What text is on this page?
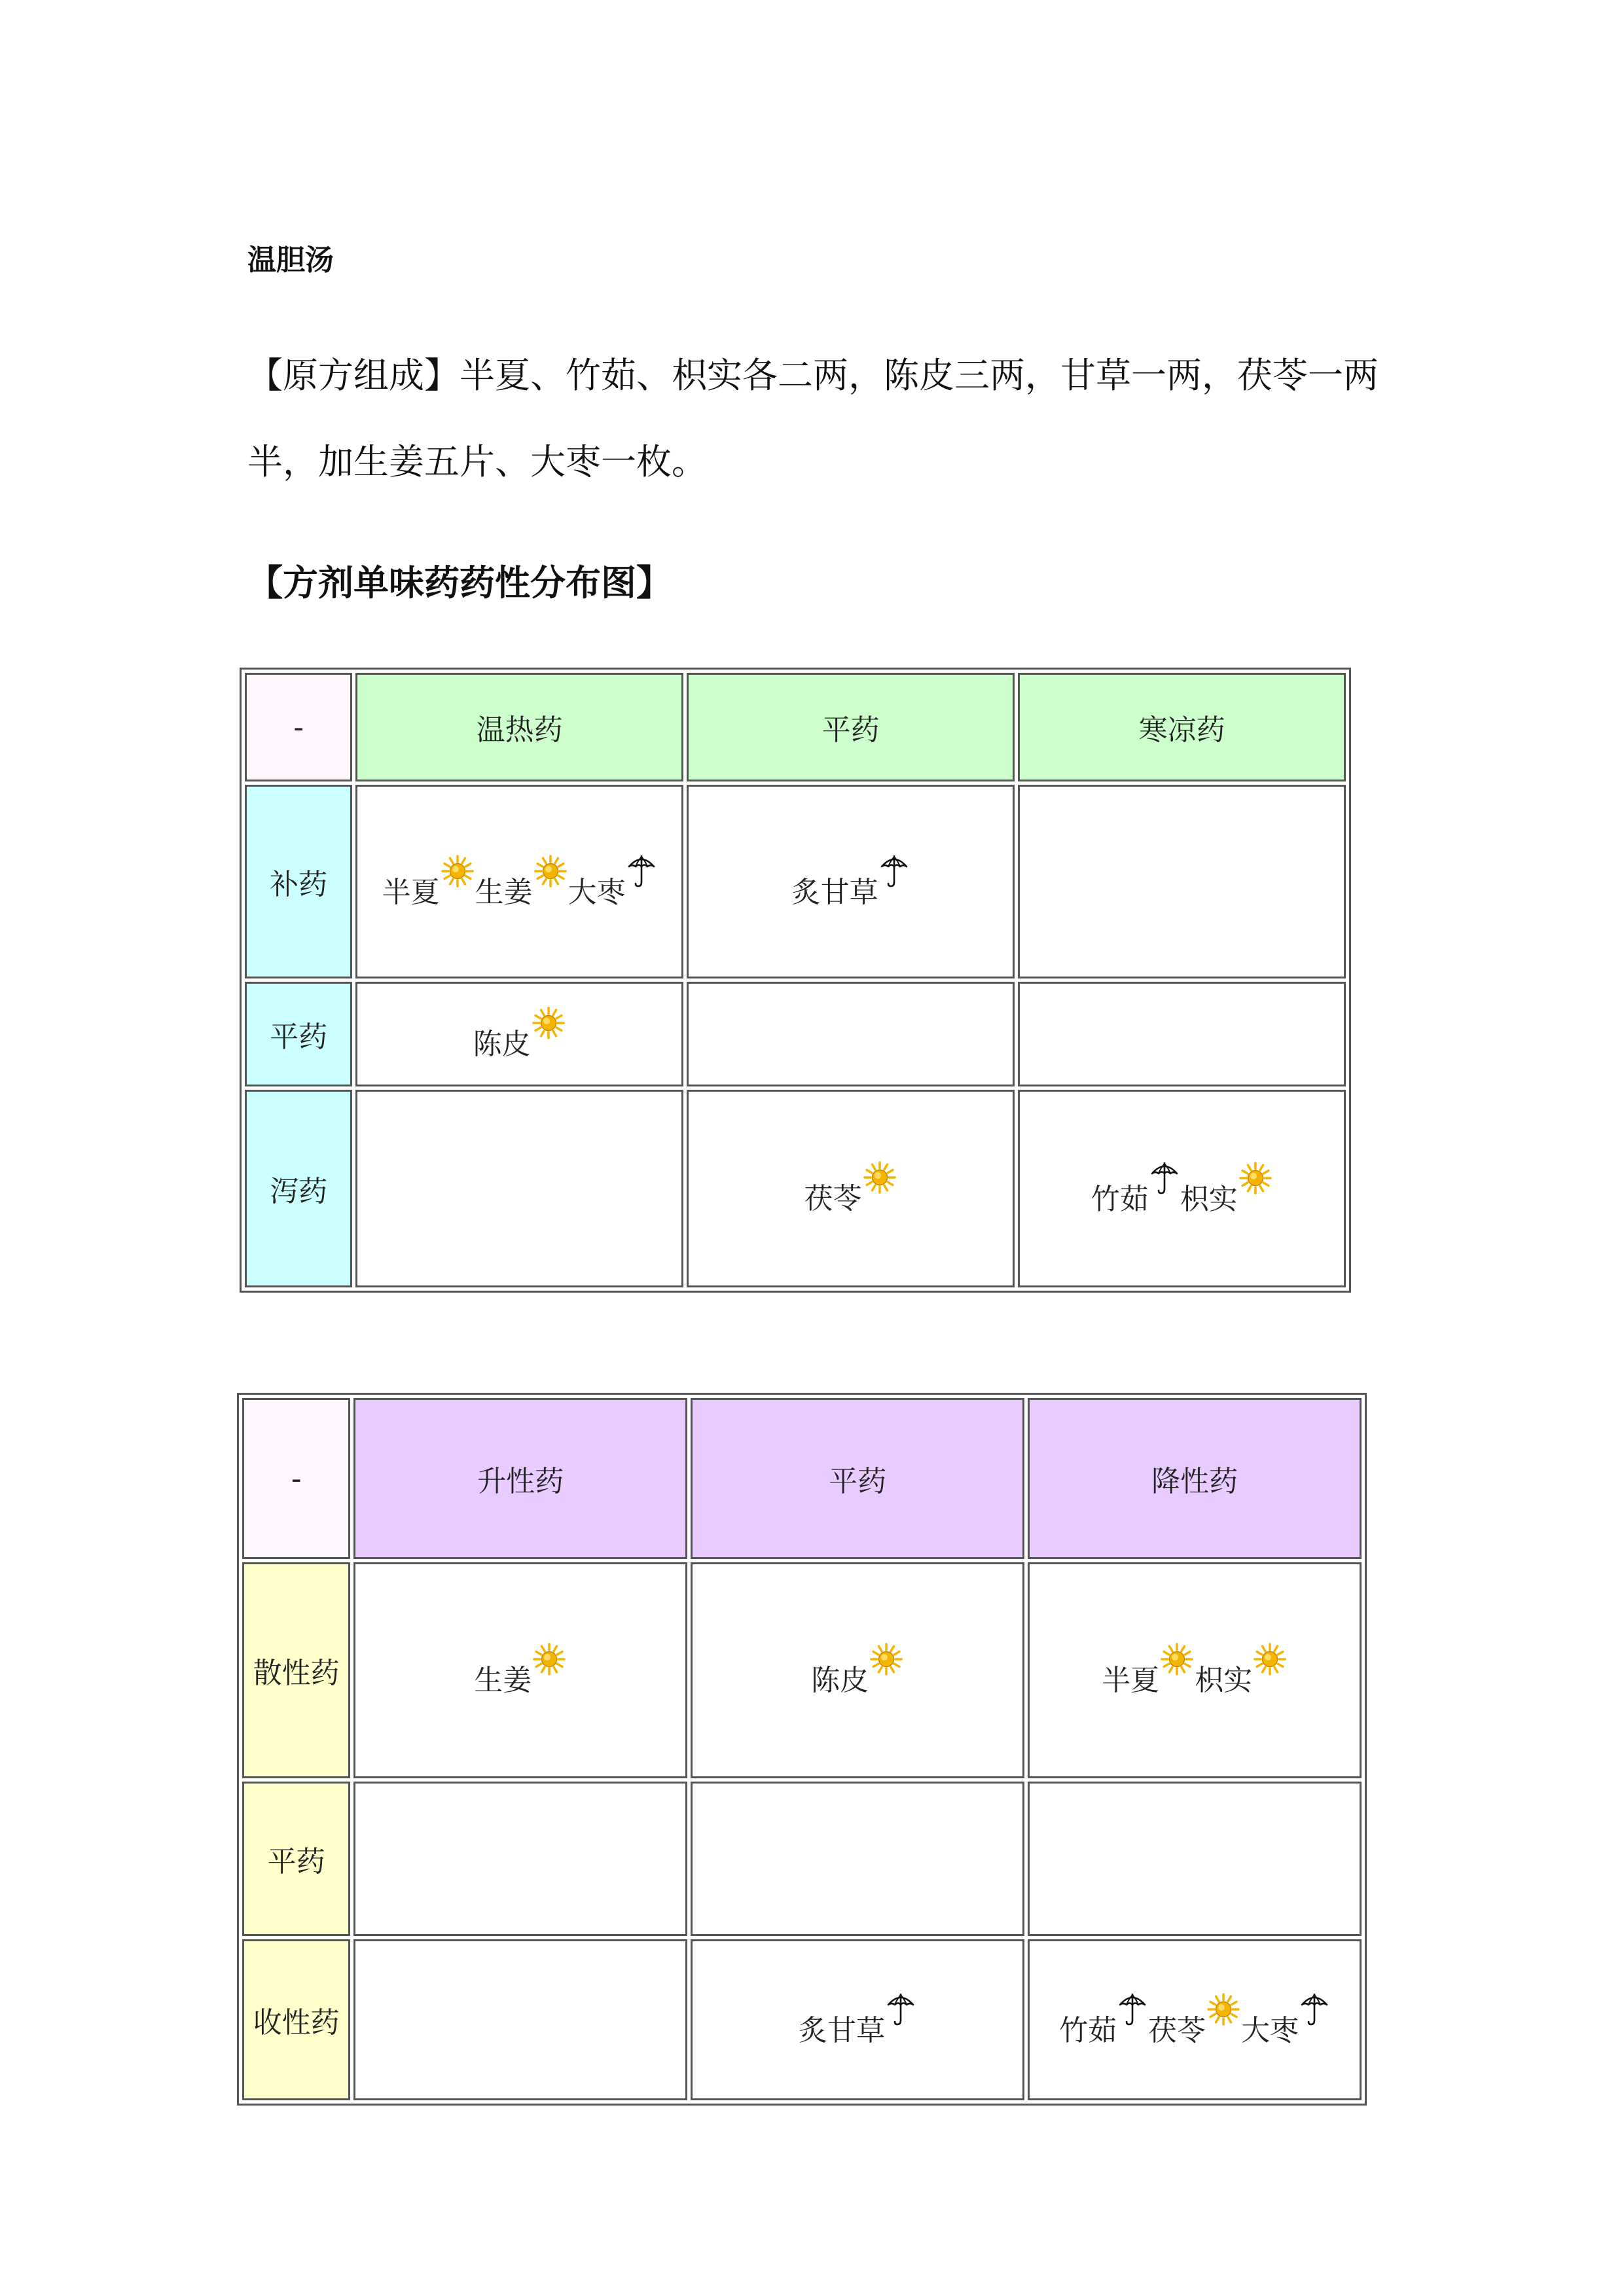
温胆汤
【原方组成】半夏、竹茹、枳实各二两，陈皮三两，甘草一两，茯苓一两半，加生姜五片、大枣一枚。
【方剂单味药药性分布图】
-	温热药	平药	寒凉药
补药	半夏 生姜 大枣	炙甘草

平药	陈皮

泻药		茯苓	竹茹 枳实
-	升性药	平药	降性药
散性药	生姜	陈皮	半夏 枳实

平药			
收性药		炙甘草	竹茹 茯苓 大枣
